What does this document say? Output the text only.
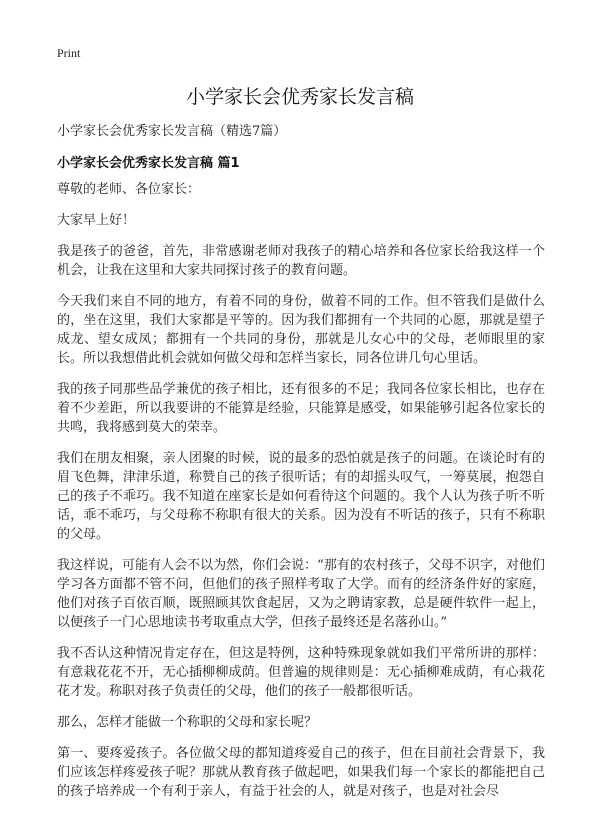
Print
小学家长会优秀家长发言稿
小学家长会优秀家长发言稿（精选7篇）
小学家长会优秀家长发言稿 篇1

尊敬的老师、各位家长：

大家早上好！

我是孩子的爸爸，首先，非常感谢老师对我孩子的精心培养和各位家长给我这样一个机会，让我在这里和大家共同探讨孩子的教育问题。

今天我们来自不同的地方，有着不同的身份，做着不同的工作。但不管我们是做什么的，坐在这里，我们大家都是平等的。因为我们都拥有一个共同的心愿，那就是望子成龙、望女成凤；都拥有一个共同的身份，那就是儿女心中的父母，老师眼里的家长。所以我想借此机会就如何做父母和怎样当家长，同各位讲几句心里话。

我的孩子同那些品学兼优的孩子相比，还有很多的不足；我同各位家长相比，也存在着不少差距，所以我要讲的不能算是经验，只能算是感受，如果能够引起各位家长的共鸣，我将感到莫大的荣幸。

我们在朋友相聚，亲人团聚的时候，说的最多的恐怕就是孩子的问题。在谈论时有的眉飞色舞，津津乐道，称赞自己的孩子很听话；有的却摇头叹气，一筹莫展，抱怨自己的孩子不乖巧。我不知道在座家长是如何看待这个问题的。我个人认为孩子听不听话，乖不乖巧，与父母称不称职有很大的关系。因为没有不听话的孩子，只有不称职的父母。

我这样说，可能有人会不以为然，你们会说：“那有的农村孩子，父母不识字，对他们学习各方面都不管不问，但他们的孩子照样考取了大学。而有的经济条件好的家庭，他们对孩子百依百顺，既照顾其饮食起居，又为之聘请家教，总是硬件软件一起上，以便孩子一门心思地读书考取重点大学，但孩子最终还是名落孙山。”

我不否认这种情况肯定存在，但这是特例，这种特殊现象就如我们平常所讲的那样：有意栽花花不开，无心插柳柳成荫。但普遍的规律则是：无心插柳难成荫，有心栽花花才发。称职对孩子负责任的父母，他们的孩子一般都很听话。

那么，怎样才能做一个称职的父母和家长呢？

第一、要疼爱孩子。各位做父母的都知道疼爱自己的孩子，但在目前社会背景下，我们应该怎样疼爱孩子呢？那就从教育孩子做起吧，如果我们每一个家长的都能把自己的孩子培养成一个有利于亲人，有益于社会的人，就是对孩子，也是对社会尽
